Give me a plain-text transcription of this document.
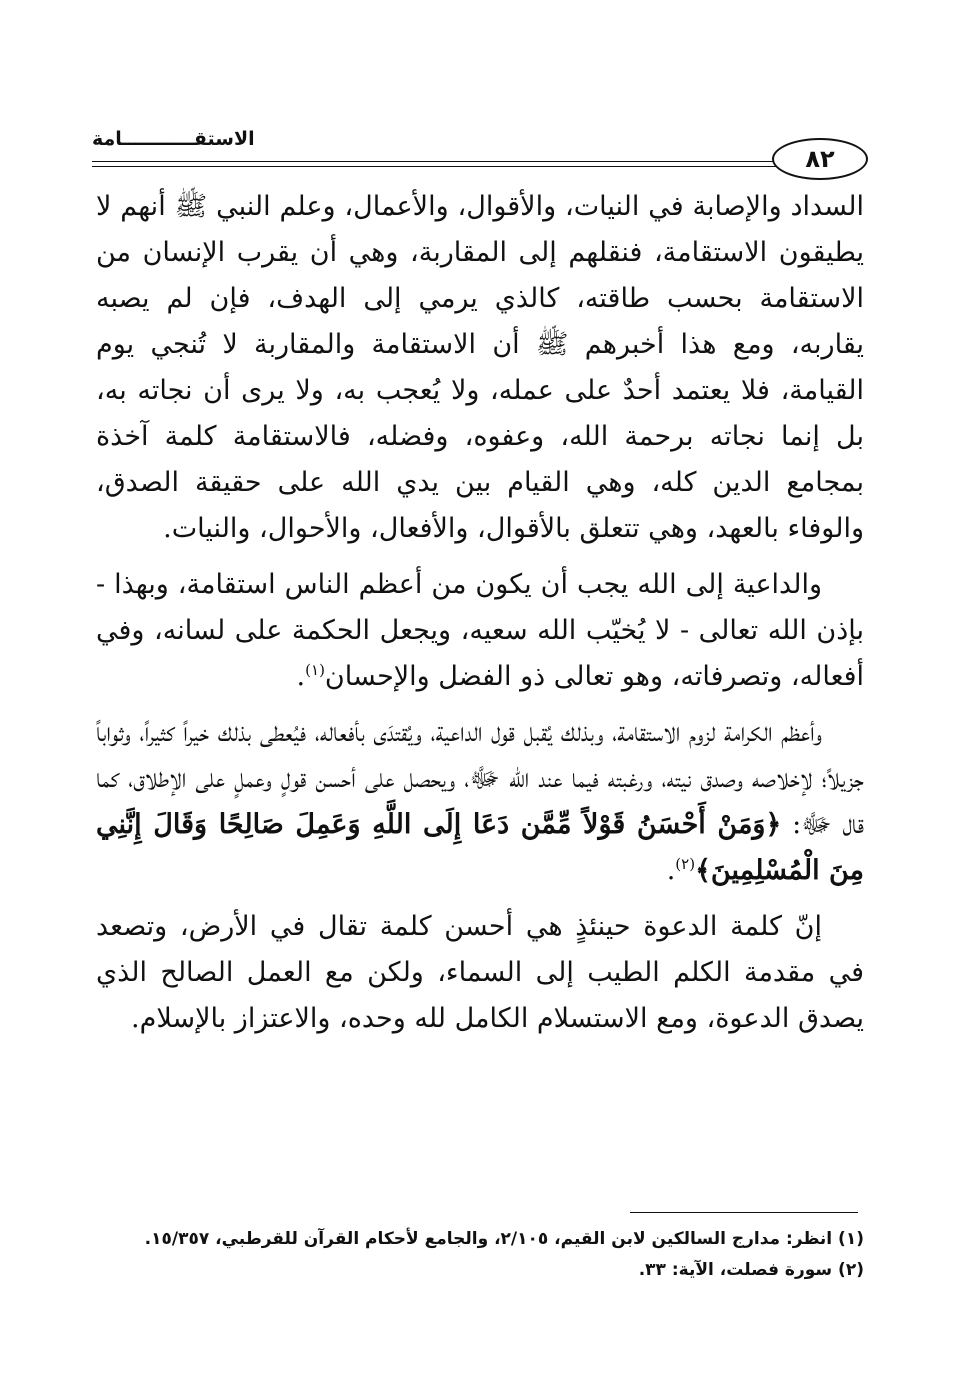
الاستقـــــــــــامة
٨٢

السداد والإصابة في النيات، والأقوال، والأعمال، وعلم النبي ﷺ أنهم لا يطيقون الاستقامة، فنقلهم إلى المقاربة، وهي أن يقرب الإنسان من الاستقامة بحسب طاقته، كالذي يرمي إلى الهدف، فإن لم يصبه يقاربه، ومع هذا أخبرهم ﷺ أن الاستقامة والمقاربة لا تُنجي يوم القيامة، فلا يعتمد أحدٌ على عمله، ولا يُعجب به، ولا يرى أن نجاته به، بل إنما نجاته برحمة الله، وعفوه، وفضله، فالاستقامة كلمة آخذة بمجامع الدين كله، وهي القيام بين يدي الله على حقيقة الصدق، والوفاء بالعهد، وهي تتعلق بالأقوال، والأفعال، والأحوال، والنيات.

والداعية إلى الله يجب أن يكون من أعظم الناس استقامة، وبهذا - بإذن الله تعالى - لا يُخيّب الله سعيه، ويجعل الحكمة على لسانه، وفي أفعاله، وتصرفاته، وهو تعالى ذو الفضل والإحسان$^{(١)}$.

وأعظم الكرامة لزوم الاستقامة، وبذلك يُقبل قول الداعية، ويُقتدَى بأفعاله، فيُعطى بذلك خيراً كثيراً، وثواباً جزيلاً؛ لإخلاصه وصدق نيته، ورغبته فيما عند الله ﷻ، ويحصل على أحسن قولٍ وعملٍ على الإطلاق، كما قال ﷻ: ﴿وَمَنْ أَحْسَنُ قَوْلاً مِّمَّن دَعَا إِلَى اللَّهِ وَعَمِلَ صَالِحًا وَقَالَ إِنَّنِي مِنَ الْمُسْلِمِينَ﴾$^{(٢)}$.

إنّ كلمة الدعوة حينئذٍ هي أحسن كلمة تقال في الأرض، وتصعد في مقدمة الكلم الطيب إلى السماء، ولكن مع العمل الصالح الذي يصدق الدعوة، ومع الاستسلام الكامل لله وحده، والاعتزاز بالإسلام.

(١) انظر: مدارج السالكين لابن القيم، ٢/١٠٥، والجامع لأحكام القرآن للقرطبي، ١٥/٣٥٧.

(٢) سورة فصلت، الآية: ٣٣.
